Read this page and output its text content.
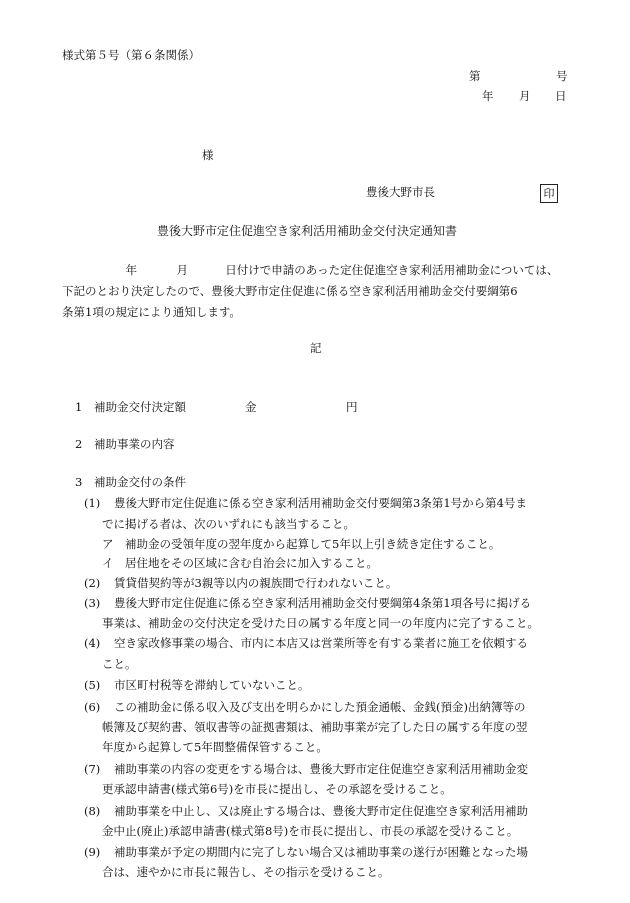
様式第５号（第６条関係）
第	号
年 月 日
様
豊後大野市長	印
豊後大野市定住促進空き家利活用補助金交付決定通知書
年	月	日付けで申請のあった定住促進空き家利活用補助金については、
下記のとおり決定したので、豊後大野市定住促進に係る空き家利活用補助金交付要綱第6
条第1項の規定により通知します。
記
1 補助金交付決定額	金	円
2 補助事業の内容
3 補助金交付の条件
(1) 豊後大野市定住促進に係る空き家利活用補助金交付要綱第3条第1号から第4号ま
でに掲げる者は、次のいずれにも該当すること。
ア　補助金の受領年度の翌年度から起算して5年以上引き続き定住すること。
イ　居住地をその区域に含む自治会に加入すること。
(2) 賃貸借契約等が3親等以内の親族間で行われないこと。
(3) 豊後大野市定住促進に係る空き家利活用補助金交付要綱第4条第1項各号に掲げる
事業は、補助金の交付決定を受けた日の属する年度と同一の年度内に完了すること。
(4) 空き家改修事業の場合、市内に本店又は営業所等を有する業者に施工を依頼する
こと。
(5) 市区町村税等を滞納していないこと。
(6) この補助金に係る収入及び支出を明らかにした預金通帳、金銭(預金)出納簿等の
帳簿及び契約書、領収書等の証拠書類は、補助事業が完了した日の属する年度の翌
年度から起算して5年間整備保管すること。
(7) 補助事業の内容の変更をする場合は、豊後大野市定住促進空き家利活用補助金変
更承認申請書(様式第6号)を市長に提出し、その承認を受けること。
(8) 補助事業を中止し、又は廃止する場合は、豊後大野市定住促進空き家利活用補助
金中止(廃止)承認申請書(様式第8号)を市長に提出し、市長の承認を受けること。
(9) 補助事業が予定の期間内に完了しない場合又は補助事業の遂行が困難となった場
合は、速やかに市長に報告し、その指示を受けること。
